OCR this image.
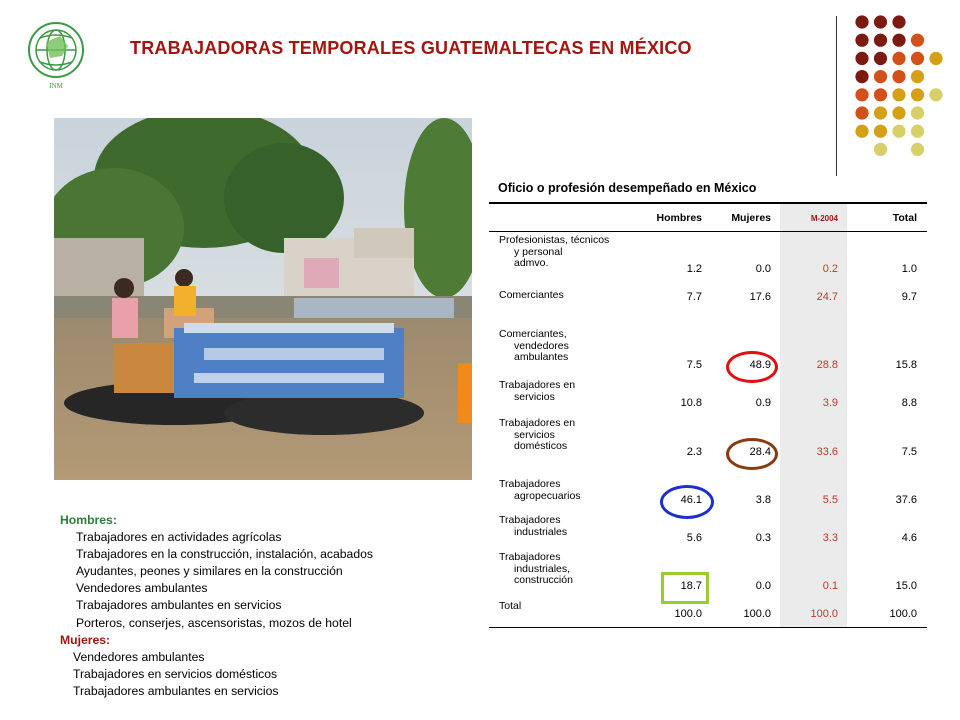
INM
TRABAJADORAS TEMPORALES GUATEMALTECAS EN MÉXICO
Hombres:
Trabajadores en actividades agrícolas
Trabajadores en la construcción, instalación, acabados
Ayudantes, peones y similares en la construcción
Vendedores ambulantes
Trabajadores ambulantes en servicios
Porteros, conserjes, ascensoristas, mozos de hotel
Mujeres:
Vendedores ambulantes
Trabajadores en servicios domésticos
Trabajadores ambulantes en servicios
Oficio o profesión desempeñado en México
Hombres	Mujeres	M-2004	Total
Profesionistas, técnicos
y personal
admvo.	1.2	0.0	0.2	1.0
Comerciantes	7.7	17.6	24.7	9.7
Comerciantes,
vendedores
ambulantes
7.5	48.9	28.8	15.8
Trabajadores en
servicios
10.8	0.9	3.9	8.8
Trabajadores en
servicios
domésticos	2.3	28.4	33.6	7.5
Trabajadores
agropecuarios	46.1	3.8	5.5	37.6
Trabajadores
industriales
5.6	0.3	3.3	4.6
Trabajadores
industriales,
construcción	18.7	0.0	0.1	15.0
Total
100.0	100.0	100.0	100.0
